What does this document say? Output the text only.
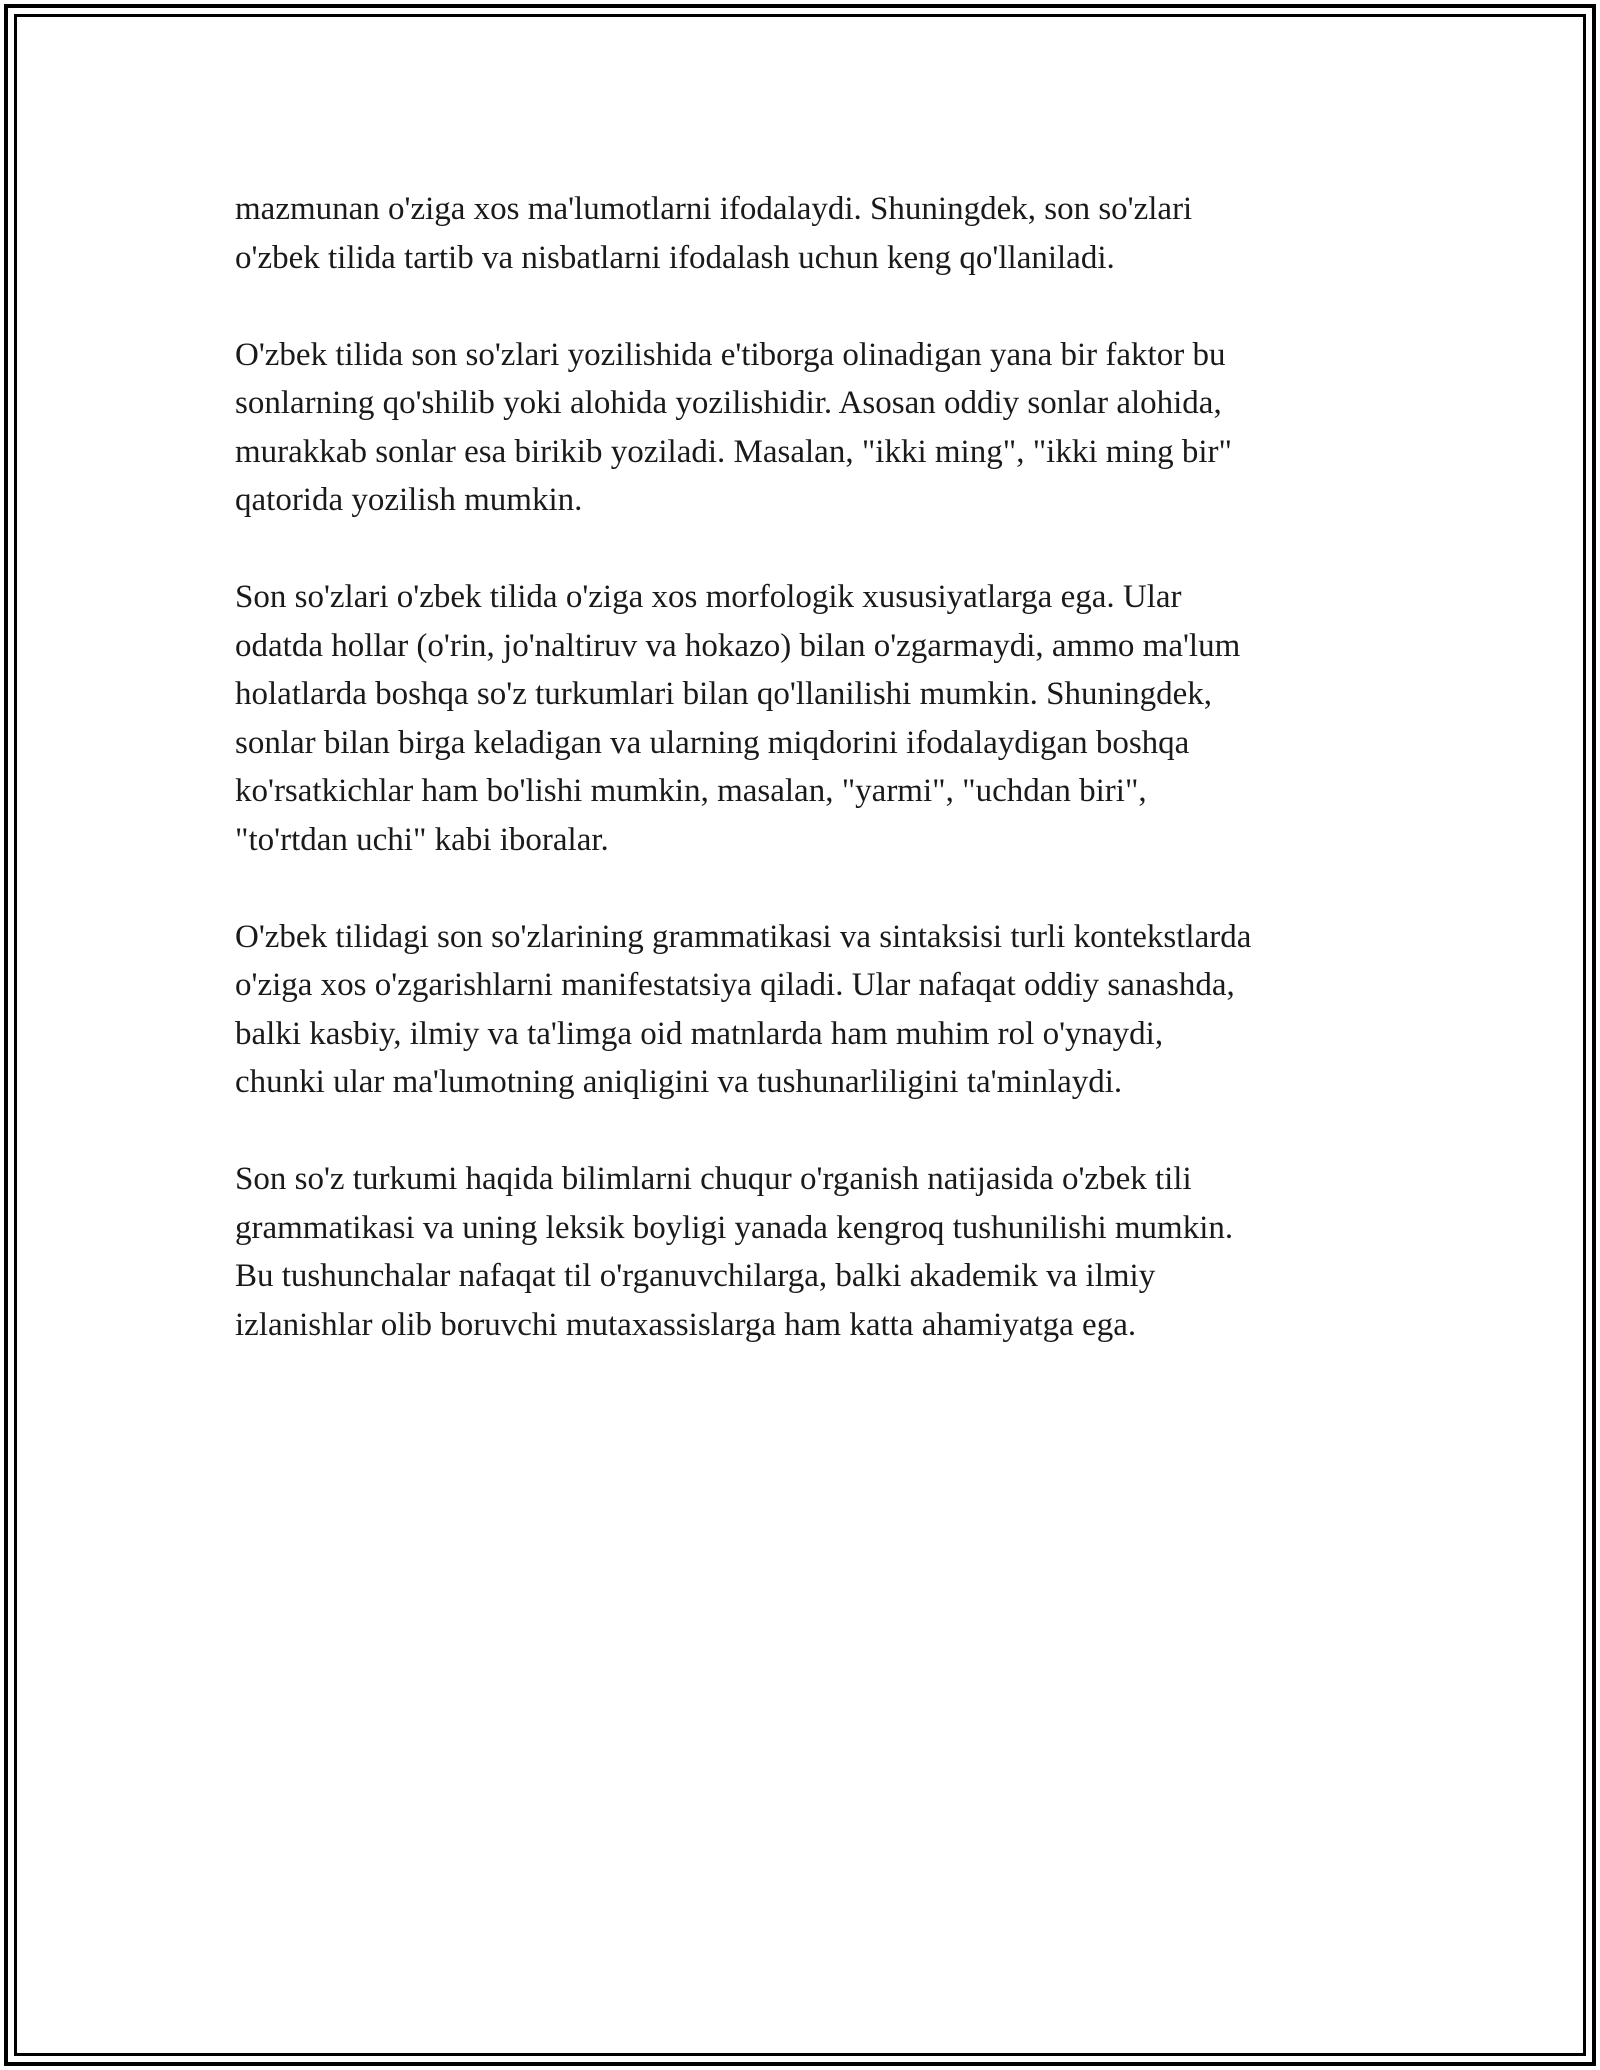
mazmunan o'ziga xos ma'lumotlarni ifodalaydi. Shuningdek, son so'zlari
o'zbek tilida tartib va nisbatlarni ifodalash uchun keng qo'llaniladi.

O'zbek tilida son so'zlari yozilishida e'tiborga olinadigan yana bir faktor bu
sonlarning qo'shilib yoki alohida yozilishidir. Asosan oddiy sonlar alohida,
murakkab sonlar esa birikib yoziladi. Masalan, "ikki ming", "ikki ming bir"
qatorida yozilish mumkin.

Son so'zlari o'zbek tilida o'ziga xos morfologik xususiyatlarga ega. Ular
odatda hollar (o'rin, jo'naltiruv va hokazo) bilan o'zgarmaydi, ammo ma'lum
holatlarda boshqa so'z turkumlari bilan qo'llanilishi mumkin. Shuningdek,
sonlar bilan birga keladigan va ularning miqdorini ifodalaydigan boshqa
ko'rsatkichlar ham bo'lishi mumkin, masalan, "yarmi", "uchdan biri",
"to'rtdan uchi" kabi iboralar.

O'zbek tilidagi son so'zlarining grammatikasi va sintaksisi turli kontekstlarda
o'ziga xos o'zgarishlarni manifestatsiya qiladi. Ular nafaqat oddiy sanashda,
balki kasbiy, ilmiy va ta'limga oid matnlarda ham muhim rol o'ynaydi,
chunki ular ma'lumotning aniqligini va tushunarliligini ta'minlaydi.

Son so'z turkumi haqida bilimlarni chuqur o'rganish natijasida o'zbek tili
grammatikasi va uning leksik boyligi yanada kengroq tushunilishi mumkin.
Bu tushunchalar nafaqat til o'rganuvchilarga, balki akademik va ilmiy
izlanishlar olib boruvchi mutaxassislarga ham katta ahamiyatga ega.
